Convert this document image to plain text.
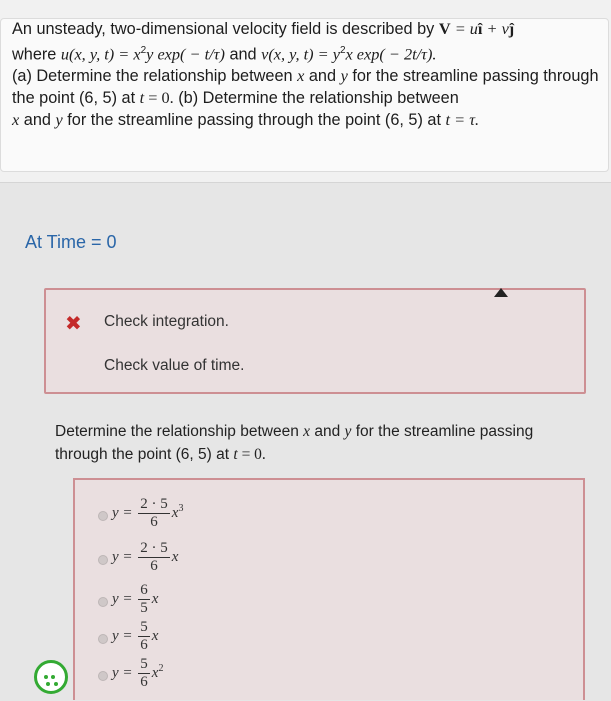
An unsteady, two-dimensional velocity field is described by V = uî + vĵ
where u(x, y, $t) = x^2y$ exp( − t/τ) and v(x, y, $t) = y^2x$ exp( − 2t/τ).
(a) Determine the relationship between x and y for the streamline passing through the point (6, 5) at t = 0. (b) Determine the relationship between
x and y for the streamline passing through the point (6, 5) at t = τ.
At Time = 0
✖ Check integration.
Check value of time.
Determine the relationship between x and y for the streamline passing through the point (6, 5) at t = 0.
$y = \frac{2 \cdot 5}{6} x^3$
$y = \frac{2 \cdot 5}{6}$ x
$y = \frac{6}{5}$ x
$y = \frac{5}{6}$ x
$y = \frac{5}{6} x^2$
